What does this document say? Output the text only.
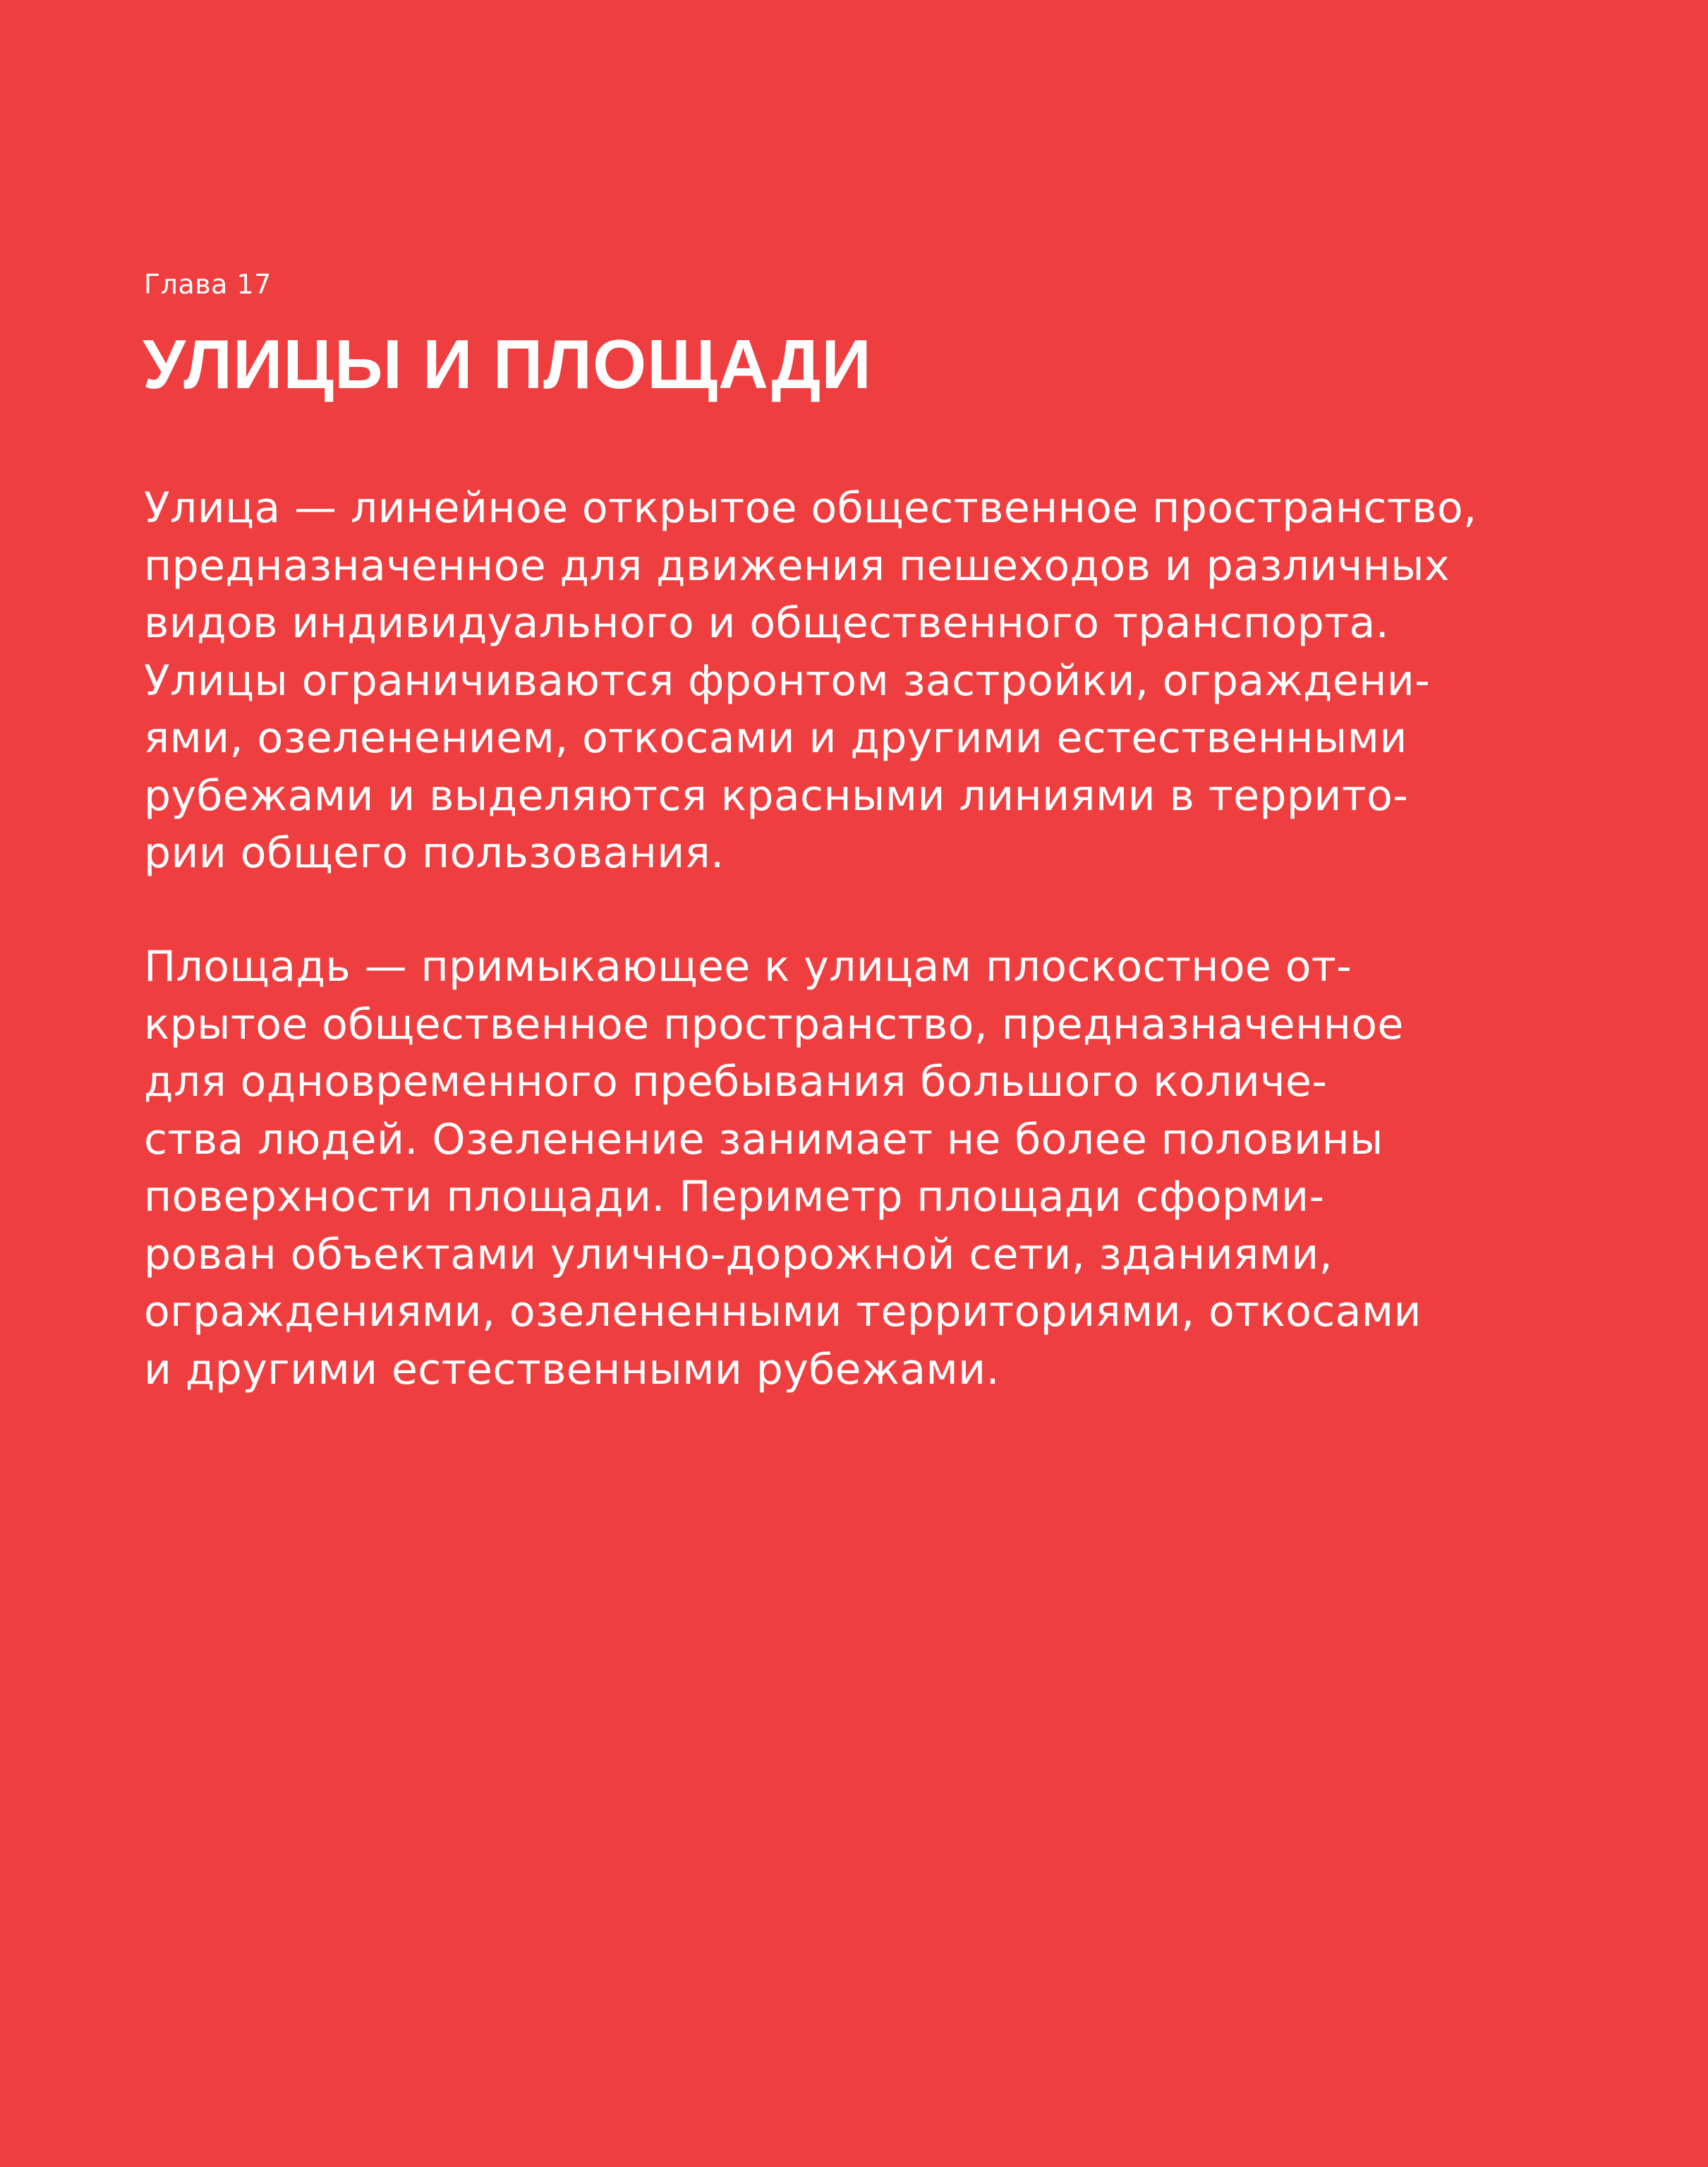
Глава 17
УЛИЦЫ И ПЛОЩАДИ

Улица — линейное открытое общественное пространство,
предназначенное для движения пешеходов и различных
видов индивидуального и общественного транспорта.
Улицы ограничиваются фронтом застройки, ограждени-
ями, озеленением, откосами и другими естественными
рубежами и выделяются красными линиями в террито-
рии общего пользования.

Площадь — примыкающее к улицам плоскостное от-
крытое общественное пространство, предназначенное
для одновременного пребывания большого количе-
ства людей. Озеленение занимает не более половины
поверхности площади. Периметр площади сформи-
рован объектами улично-дорожной сети, зданиями,
ограждениями, озелененными территориями, откосами
и другими естественными рубежами.
